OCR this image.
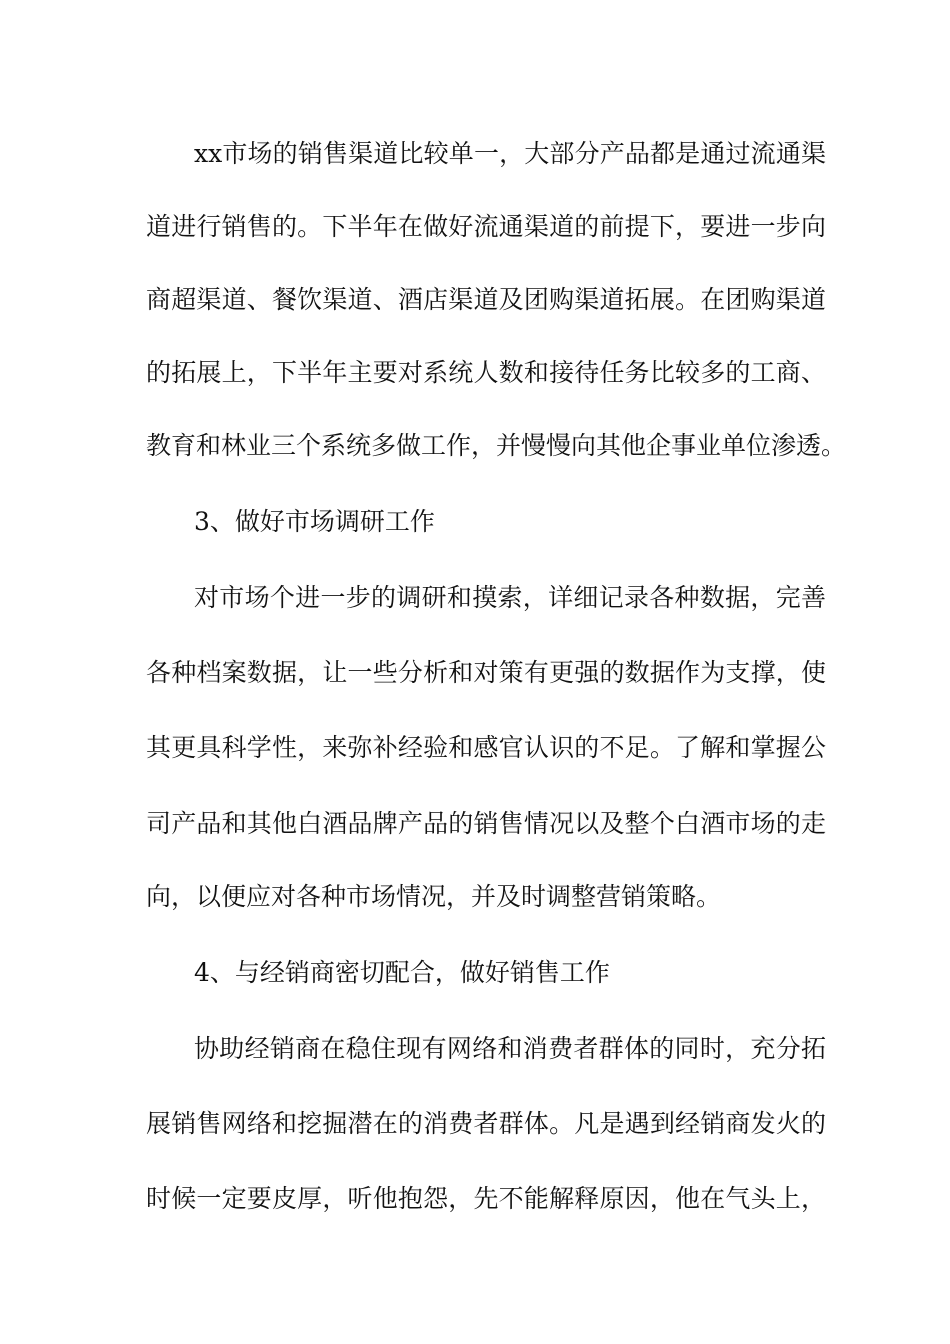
xx市场的销售渠道比较单一，大部分产品都是通过流通渠
道进行销售的。下半年在做好流通渠道的前提下，要进一步向
商超渠道、餐饮渠道、酒店渠道及团购渠道拓展。在团购渠道
的拓展上，下半年主要对系统人数和接待任务比较多的工商、
教育和林业三个系统多做工作，并慢慢向其他企事业单位渗透。
3、做好市场调研工作
对市场个进一步的调研和摸索，详细记录各种数据，完善
各种档案数据，让一些分析和对策有更强的数据作为支撑，使
其更具科学性，来弥补经验和感官认识的不足。了解和掌握公
司产品和其他白酒品牌产品的销售情况以及整个白酒市场的走
向，以便应对各种市场情况，并及时调整营销策略。
4、与经销商密切配合，做好销售工作
协助经销商在稳住现有网络和消费者群体的同时，充分拓
展销售网络和挖掘潜在的消费者群体。凡是遇到经销商发火的
时候一定要皮厚，听他抱怨，先不能解释原因，他在气头上，
